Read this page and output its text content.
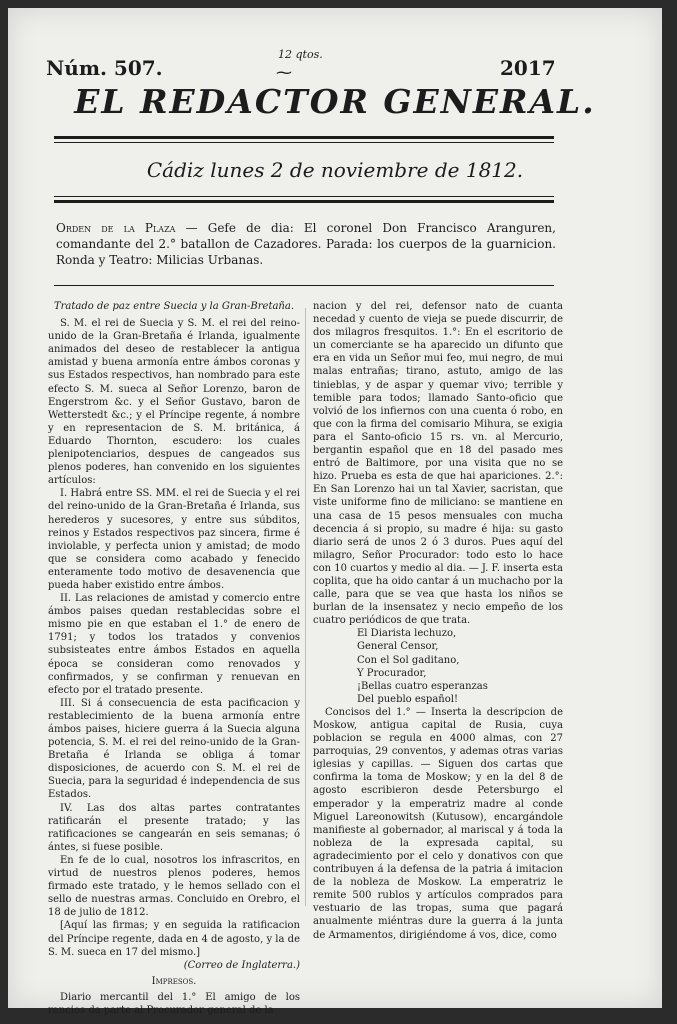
Núm. 507.
12 qtos.
⁓	2017
EL REDACTOR GENERAL.
Cádiz lunes 2 de noviembre de 1812.
Orden de la Plaza — Gefe de dia: El coronel Don Francisco Aranguren, comandante del 2.° batallon de Cazadores. Parada: los cuerpos de la guarnicion. Ronda y Teatro: Milicias Urbanas.

Tratado de paz entre Suecia y la Gran-Bretaña.

S. M. el rei de Suecia y S. M. el rei del reino-unido de la Gran-Bretaña é Irlanda, igualmente animados del deseo de restablecer la antigua amistad y buena armonía entre ámbos coronas y sus Estados respectivos, han nombrado para este efecto S. M. sueca al Señor Lorenzo, baron de Engerstrom &c. y el Señor Gustavo, baron de Wetterstedt &c.; y el Príncipe regente, á nombre y en representacion de S. M. británica, á Eduardo Thornton, escudero: los cuales plenipotenciarios, despues de cangeados sus plenos poderes, han convenido en los siguientes artículos:

I. Habrá entre SS. MM. el rei de Suecia y el rei del reino-unido de la Gran-Bretaña é Irlanda, sus herederos y sucesores, y entre sus súbditos, reinos y Estados respectivos paz sincera, firme é inviolable, y perfecta union y amistad; de modo que se considera como acabado y fenecido enteramente todo motivo de desavenencia que pueda haber existido entre ámbos.

II. Las relaciones de amistad y comercio entre ámbos paises quedan restablecidas sobre el mismo pie en que estaban el 1.° de enero de 1791; y todos los tratados y convenios subsisteates entre ámbos Estados en aquella época se consideran como renovados y confirmados, y se confirman y renuevan en efecto por el tratado presente.

III. Si á consecuencia de esta pacificacion y restablecimiento de la buena armonía entre ámbos paises, hiciere guerra á la Suecia alguna potencia, S. M. el rei del reino-unido de la Gran-Bretaña é Irlanda se obliga á tomar disposiciones, de acuerdo con S. M. el rei de Suecia, para la seguridad é independencia de sus Estados.

IV. Las dos altas partes contratantes ratificarán el presente tratado; y las ratificaciones se cangearán en seis semanas; ó ántes, si fuese posible.

En fe de lo cual, nosotros los infrascritos, en virtud de nuestros plenos poderes, hemos firmado este tratado, y le hemos sellado con el sello de nuestras armas. Concluido en Orebro, el 18 de julio de 1812.

[Aquí las firmas; y en seguida la ratificacion del Príncipe regente, dada en 4 de agosto, y la de S. M. sueca en 17 del mismo.]

(Correo de Inglaterra.)

Impresos.

Diario mercantil del 1.° El amigo de los rancios da parte al Procurador general de la

nacion y del rei, defensor nato de cuanta necedad y cuento de vieja se puede discurrir, de dos milagros fresquitos. 1.°: En el escritorio de un comerciante se ha aparecido un difunto que era en vida un Señor mui feo, mui negro, de mui malas entrañas; tirano, astuto, amigo de las tinieblas, y de aspar y quemar vivo; terrible y temible para todos; llamado Santo-oficio que volvió de los infiernos con una cuenta ó robo, en que con la firma del comisario Mihura, se exigia para el Santo-oficio 15 rs. vn. al Mercurio, bergantin español que en 18 del pasado mes entró de Baltimore, por una visita que no se hizo. Prueba es esta de que hai apariciones. 2.°: En San Lorenzo hai un tal Xavier, sacristan, que viste uniforme fino de miliciano: se mantiene en una casa de 15 pesos mensuales con mucha decencia á si propio, su madre é hija: su gasto diario será de unos 2 ó 3 duros. Pues aquí del milagro, Señor Procurador: todo esto lo hace con 10 cuartos y medio al dia. — J. F. inserta esta coplita, que ha oido cantar á un muchacho por la calle, para que se vea que hasta los niños se burlan de la insensatez y necio empeño de los cuatro periódicos de que trata.

El Diarista lechuzo,

General Censor,

Con el Sol gaditano,

Y Procurador,

¡Bellas cuatro esperanzas

Del pueblo español!

Concisos del 1.° — Inserta la descripcion de Moskow, antigua capital de Rusia, cuya poblacion se regula en 4000 almas, con 27 parroquias, 29 conventos, y ademas otras varias iglesias y capillas. — Siguen dos cartas que confirma la toma de Moskow; y en la del 8 de agosto escribieron desde Petersburgo el emperador y la emperatriz madre al conde Miguel Lareonowitsh (Kutusow), encargándole manifieste al gobernador, al mariscal y á toda la nobleza de la expresada capital, su agradecimiento por el celo y donativos con que contribuyen á la defensa de la patria á imitacion de la nobleza de Moskow. La emperatriz le remite 500 rublos y artículos comprados para vestuario de las tropas, suma que pagará anualmente miéntras dure la guerra á la junta de Armamentos, dirigiéndome á vos, dice, como
